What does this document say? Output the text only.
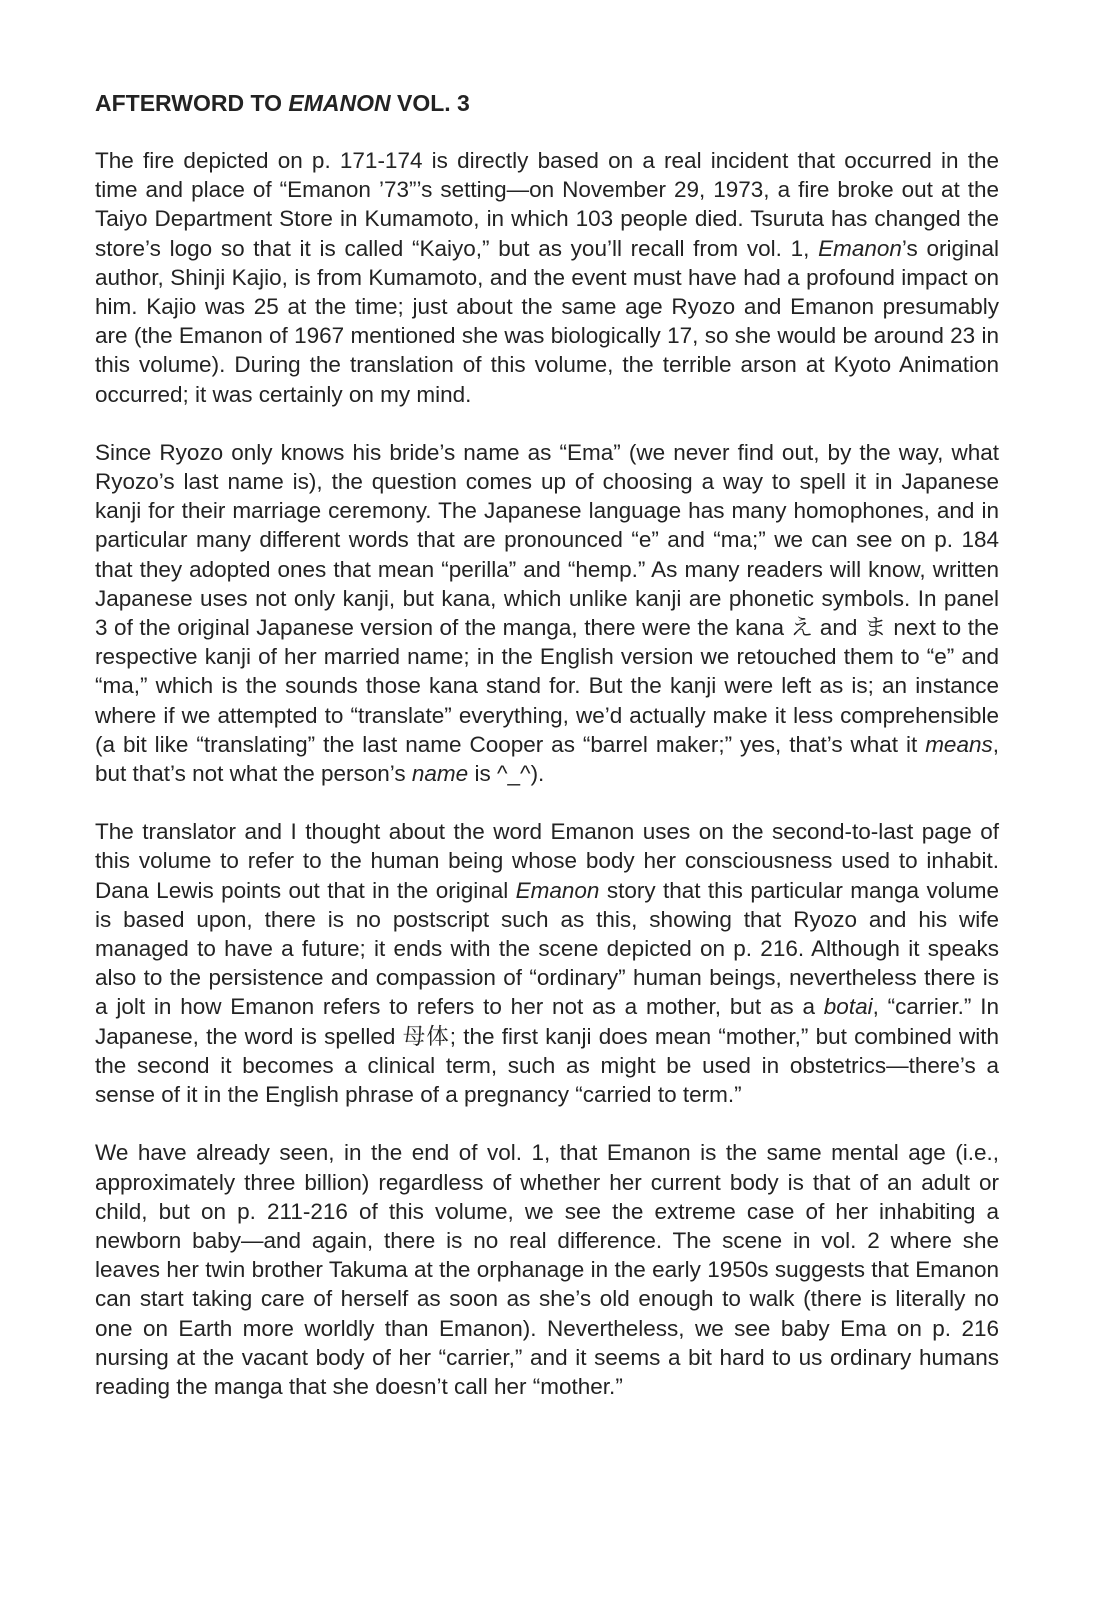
AFTERWORD TO EMANON VOL. 3
The fire depicted on p. 171-174 is directly based on a real incident that occurred in the time and place of “Emanon ’73”’s setting—on November 29, 1973, a fire broke out at the Taiyo Department Store in Kumamoto, in which 103 people died. Tsuruta has changed the store’s logo so that it is called “Kaiyo,” but as you’ll recall from vol. 1, Emanon’s original author, Shinji Kajio, is from Kumamoto, and the event must have had a profound impact on him. Kajio was 25 at the time; just about the same age Ryozo and Emanon presumably are (the Emanon of 1967 mentioned she was biologically 17, so she would be around 23 in this volume). During the translation of this volume, the terrible arson at Kyoto Animation occurred; it was certainly on my mind.
Since Ryozo only knows his bride’s name as “Ema” (we never find out, by the way, what Ryozo’s last name is), the question comes up of choosing a way to spell it in Japanese kanji for their marriage ceremony. The Japanese language has many homophones, and in particular many different words that are pronounced “e” and “ma;” we can see on p. 184 that they adopted ones that mean “perilla” and “hemp.” As many readers will know, written Japanese uses not only kanji, but kana, which unlike kanji are phonetic symbols. In panel 3 of the original Japanese version of the manga, there were the kana え and ま next to the respective kanji of her married name; in the English version we retouched them to “e” and “ma,” which is the sounds those kana stand for. But the kanji were left as is; an instance where if we attempted to “translate” everything, we’d actually make it less comprehensible (a bit like “translating” the last name Cooper as “barrel maker;” yes, that’s what it means, but that’s not what the person’s name is ^_^).
The translator and I thought about the word Emanon uses on the second-to-last page of this volume to refer to the human being whose body her consciousness used to inhabit. Dana Lewis points out that in the original Emanon story that this particular manga volume is based upon, there is no postscript such as this, showing that Ryozo and his wife managed to have a future; it ends with the scene depicted on p. 216. Although it speaks also to the persistence and compassion of “ordinary” human beings, nevertheless there is a jolt in how Emanon refers to refers to her not as a mother, but as a botai, “carrier.” In Japanese, the word is spelled 母体; the first kanji does mean “mother,” but combined with the second it becomes a clinical term, such as might be used in obstetrics—there’s a sense of it in the English phrase of a pregnancy “carried to term.”
We have already seen, in the end of vol. 1, that Emanon is the same mental age (i.e., approximately three billion) regardless of whether her current body is that of an adult or child, but on p. 211-216 of this volume, we see the extreme case of her inhabiting a newborn baby—and again, there is no real difference. The scene in vol. 2 where she leaves her twin brother Takuma at the orphanage in the early 1950s suggests that Emanon can start taking care of herself as soon as she’s old enough to walk (there is literally no one on Earth more worldly than Emanon). Nevertheless, we see baby Ema on p. 216 nursing at the vacant body of her “carrier,” and it seems a bit hard to us ordinary humans reading the manga that she doesn’t call her “mother.”
